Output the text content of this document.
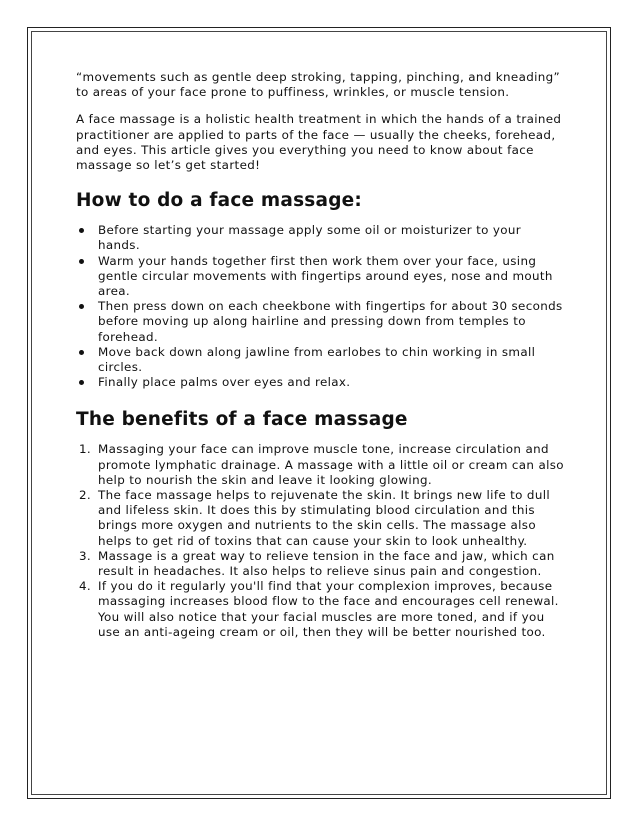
“movements such as gentle deep stroking, tapping, pinching, and kneading” to areas of your face prone to puffiness, wrinkles, or muscle tension.

A face massage is a holistic health treatment in which the hands of a trained practitioner are applied to parts of the face — usually the cheeks, forehead, and eyes. This article gives you everything you need to know about face massage so let’s get started!

How to do a face massage:
Before starting your massage apply some oil or moisturizer to your hands.
Warm your hands together first then work them over your face, using gentle circular movements with fingertips around eyes, nose and mouth area.
Then press down on each cheekbone with fingertips for about 30 seconds before moving up along hairline and pressing down from temples to forehead.
Move back down along jawline from earlobes to chin working in small circles.
Finally place palms over eyes and relax.
The benefits of a face massage
1. Massaging your face can improve muscle tone, increase circulation and promote lymphatic drainage. A massage with a little oil or cream can also help to nourish the skin and leave it looking glowing.
2. The face massage helps to rejuvenate the skin. It brings new life to dull and lifeless skin. It does this by stimulating blood circulation and this brings more oxygen and nutrients to the skin cells. The massage also helps to get rid of toxins that can cause your skin to look unhealthy.
3. Massage is a great way to relieve tension in the face and jaw, which can result in headaches. It also helps to relieve sinus pain and congestion.
4. If you do it regularly you'll find that your complexion improves, because massaging increases blood flow to the face and encourages cell renewal. You will also notice that your facial muscles are more toned, and if you use an anti-ageing cream or oil, then they will be better nourished too.
